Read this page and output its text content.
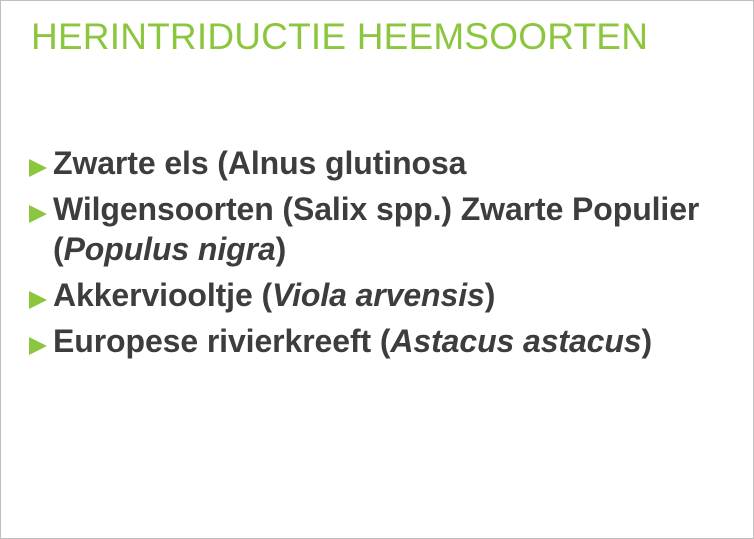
HERINTRIDUCTIE HEEMSOORTEN
Zwarte els (Alnus glutinosa
Wilgensoorten (Salix spp.) Zwarte Populier (Populus nigra)
Akkerviooltje (Viola arvensis)
Europese rivierkreeft (Astacus astacus)
